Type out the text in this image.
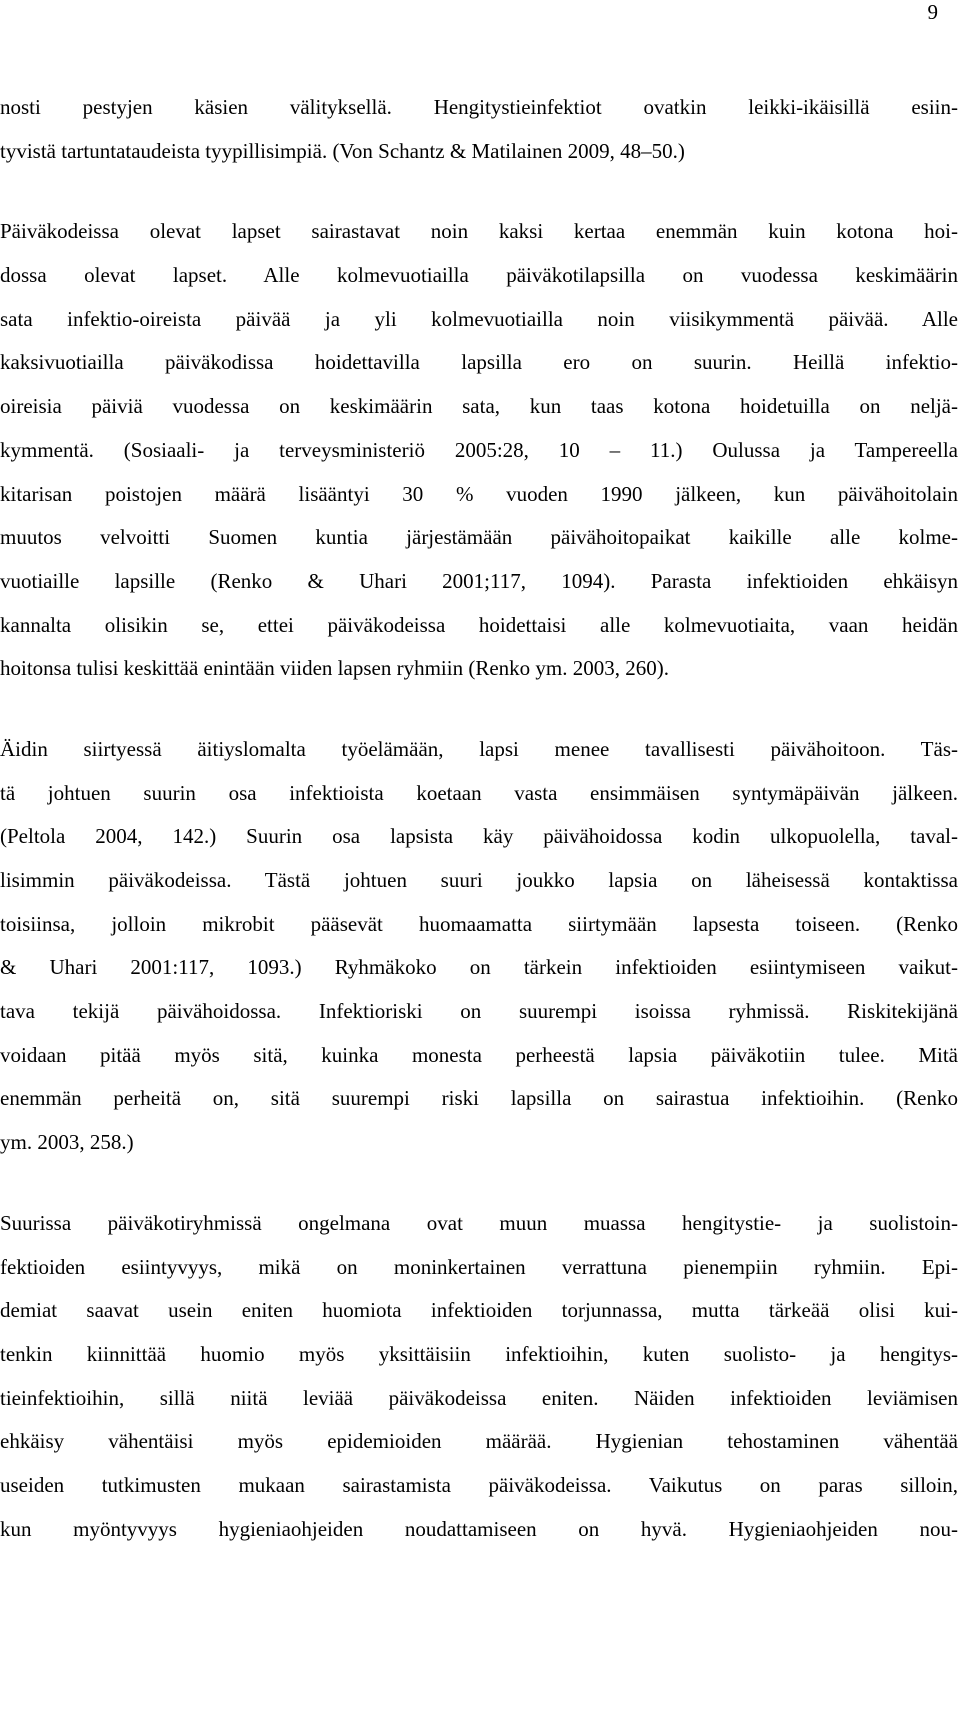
9

nosti pestyjen käsien välityksellä. Hengitystieinfektiot ovatkin leikki-ikäisillä esiin-
tyvistä tartuntataudeista tyypillisimpiä. (Von Schantz & Matilainen 2009, 48–50.)

Päiväkodeissa olevat lapset sairastavat noin kaksi kertaa enemmän kuin kotona hoi-
dossa olevat lapset. Alle kolmevuotiailla päiväkotilapsilla on vuodessa keskimäärin
sata infektio-oireista päivää ja yli kolmevuotiailla noin viisikymmentä päivää. Alle
kaksivuotiailla päiväkodissa hoidettavilla lapsilla ero on suurin. Heillä infektio-
oireisia päiviä vuodessa on keskimäärin sata, kun taas kotona hoidetuilla on neljä-
kymmentä. (Sosiaali- ja terveysministeriö 2005:28, 10 – 11.) Oulussa ja Tampereella
kitarisan poistojen määrä lisääntyi 30 % vuoden 1990 jälkeen, kun päivähoitolain
muutos velvoitti Suomen kuntia järjestämään päivähoitopaikat kaikille alle kolme-
vuotiaille lapsille (Renko & Uhari 2001;117, 1094). Parasta infektioiden ehkäisyn
kannalta olisikin se, ettei päiväkodeissa hoidettaisi alle kolmevuotiaita, vaan heidän
hoitonsa tulisi keskittää enintään viiden lapsen ryhmiin (Renko ym. 2003, 260).

Äidin siirtyessä äitiyslomalta työelämään, lapsi menee tavallisesti päivähoitoon. Täs-
tä johtuen suurin osa infektioista koetaan vasta ensimmäisen syntymäpäivän jälkeen.
(Peltola 2004, 142.) Suurin osa lapsista käy päivähoidossa kodin ulkopuolella, taval-
lisimmin päiväkodeissa. Tästä johtuen suuri joukko lapsia on läheisessä kontaktissa
toisiinsa, jolloin mikrobit pääsevät huomaamatta siirtymään lapsesta toiseen. (Renko
& Uhari 2001:117, 1093.) Ryhmäkoko on tärkein infektioiden esiintymiseen vaikut-
tava tekijä päivähoidossa. Infektioriski on suurempi isoissa ryhmissä. Riskitekijänä
voidaan pitää myös sitä, kuinka monesta perheestä lapsia päiväkotiin tulee. Mitä
enemmän perheitä on, sitä suurempi riski lapsilla on sairastua infektioihin. (Renko
ym. 2003, 258.)

Suurissa päiväkotiryhmissä ongelmana ovat muun muassa hengitystie- ja suolistoin-
fektioiden esiintyvyys, mikä on moninkertainen verrattuna pienempiin ryhmiin. Epi-
demiat saavat usein eniten huomiota infektioiden torjunnassa, mutta tärkeää olisi kui-
tenkin kiinnittää huomio myös yksittäisiin infektioihin, kuten suolisto- ja hengitys-
tieinfektioihin, sillä niitä leviää päiväkodeissa eniten. Näiden infektioiden leviämisen
ehkäisy vähentäisi myös epidemioiden määrää. Hygienian tehostaminen vähentää
useiden tutkimusten mukaan sairastamista päiväkodeissa. Vaikutus on paras silloin,
kun myöntyvyys hygieniaohjeiden noudattamiseen on hyvä. Hygieniaohjeiden nou-
